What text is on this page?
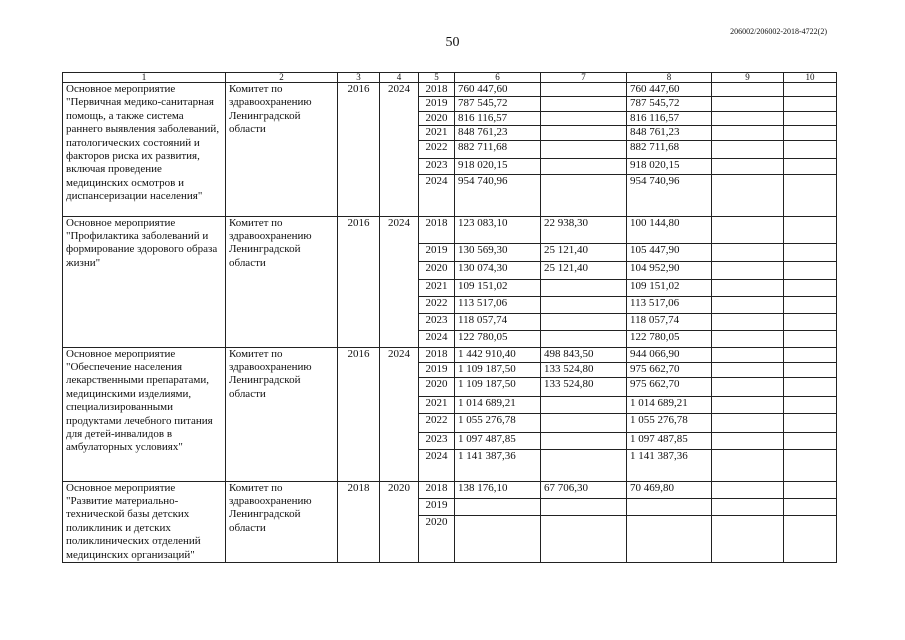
206002/206002-2018-4722(2)
50
1	2	3	4	5	6	7	8	9	10
Основное мероприятие "Первичная медико-санитарная помощь, а также система раннего выявления заболеваний, патологических состояний и факторов риска их развития, включая проведение медицинских осмотров и диспансеризации населения"	Комитет по здравоохранению Ленинградской области	2016	2024	2018	760 447,60		760 447,60		
				2019	787 545,72		787 545,72		
				2020	816 116,57		816 116,57		
				2021	848 761,23		848 761,23		
				2022	882 711,68		882 711,68		
				2023	918 020,15		918 020,15		
				2024	954 740,96		954 740,96		
Основное мероприятие "Профилактика заболеваний и формирование здорового образа жизни"	Комитет по здравоохранению Ленинградской области	2016	2024	2018	123 083,10	22 938,30	100 144,80		
				2019	130 569,30	25 121,40	105 447,90		
				2020	130 074,30	25 121,40	104 952,90		
				2021	109 151,02		109 151,02		
				2022	113 517,06		113 517,06		
				2023	118 057,74		118 057,74		
				2024	122 780,05		122 780,05		
Основное мероприятие "Обеспечение населения лекарственными препаратами, медицинскими изделиями, специализированными продуктами лечебного питания для детей-инвалидов в амбулаторных условиях"	Комитет по здравоохранению Ленинградской области	2016	2024	2018	1 442 910,40	498 843,50	944 066,90		
				2019	1 109 187,50	133 524,80	975 662,70		
				2020	1 109 187,50	133 524,80	975 662,70		
				2021	1 014 689,21		1 014 689,21		
				2022	1 055 276,78		1 055 276,78		
				2023	1 097 487,85		1 097 487,85		
				2024	1 141 387,36		1 141 387,36		
Основное мероприятие "Развитие материально-технической базы детских поликлиник и детских поликлинических отделений медицинских организаций"	Комитет по здравоохранению Ленинградской области	2018	2020	2018	138 176,10	67 706,30	70 469,80		
				2019					
				2020					
